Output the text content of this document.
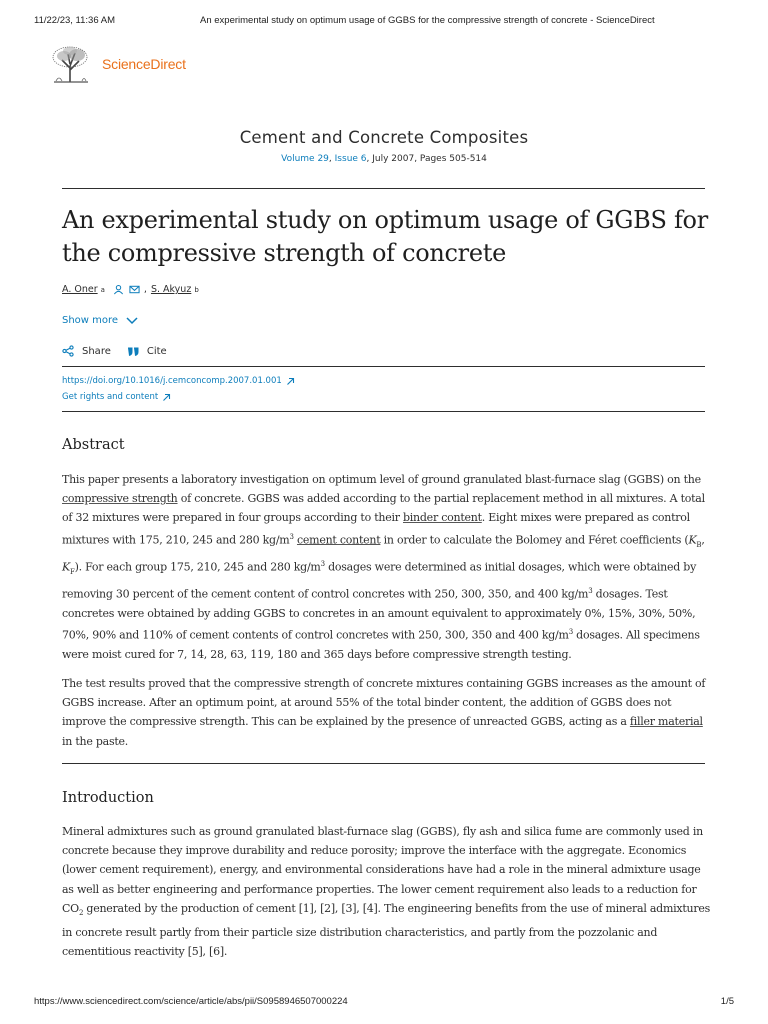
11/22/23, 11:36 AM	An experimental study on optimum usage of GGBS for the compressive strength of concrete - ScienceDirect
ScienceDirect
Cement and Concrete Composites
Volume 29, Issue 6, July 2007, Pages 505-514
An experimental study on optimum usage of GGBS for the compressive strength of concrete
A. Oner a	, S. Akyuz b
Show more
Share	Cite
https://doi.org/10.1016/j.cemconcomp.2007.01.001
Get rights and content
Abstract

This paper presents a laboratory investigation on optimum level of ground granulated blast-furnace slag (GGBS) on the compressive strength of concrete. GGBS was added according to the partial replacement method in all mixtures. A total of 32 mixtures were prepared in four groups according to their binder content. Eight mixes were prepared as control mixtures with 175, 210, 245 and 280 $kg/m^3$ cement content in order to calculate the Bolomey and Féret coefficients ($K_B$, $K_F$). For each group 175, 210, 245 and 280 $kg/m^3$ dosages were determined as initial dosages, which were obtained by removing 30 percent of the cement content of control concretes with 250, 300, 350, and 400 $kg/m^3$ dosages. Test concretes were obtained by adding GGBS to concretes in an amount equivalent to approximately 0%, 15%, 30%, 50%, 70%, 90% and 110% of cement contents of control concretes with 250, 300, 350 and 400 $kg/m^3$ dosages. All specimens were moist cured for 7, 14, 28, 63, 119, 180 and 365 days before compressive strength testing.

The test results proved that the compressive strength of concrete mixtures containing GGBS increases as the amount of GGBS increase. After an optimum point, at around 55% of the total binder content, the addition of GGBS does not improve the compressive strength. This can be explained by the presence of unreacted GGBS, acting as a filler material in the paste.

Introduction

Mineral admixtures such as ground granulated blast-furnace slag (GGBS), fly ash and silica fume are commonly used in concrete because they improve durability and reduce porosity; improve the interface with the aggregate. Economics (lower cement requirement), energy, and environmental considerations have had a role in the mineral admixture usage as well as better engineering and performance properties. The lower cement requirement also leads to a reduction for $CO_2$ generated by the production of cement [1], [2], [3], [4]. The engineering benefits from the use of mineral admixtures in concrete result partly from their particle size distribution characteristics, and partly from the pozzolanic and cementitious reactivity [5], [6].

https://www.sciencedirect.com/science/article/abs/pii/S0958946507000224	1/5
